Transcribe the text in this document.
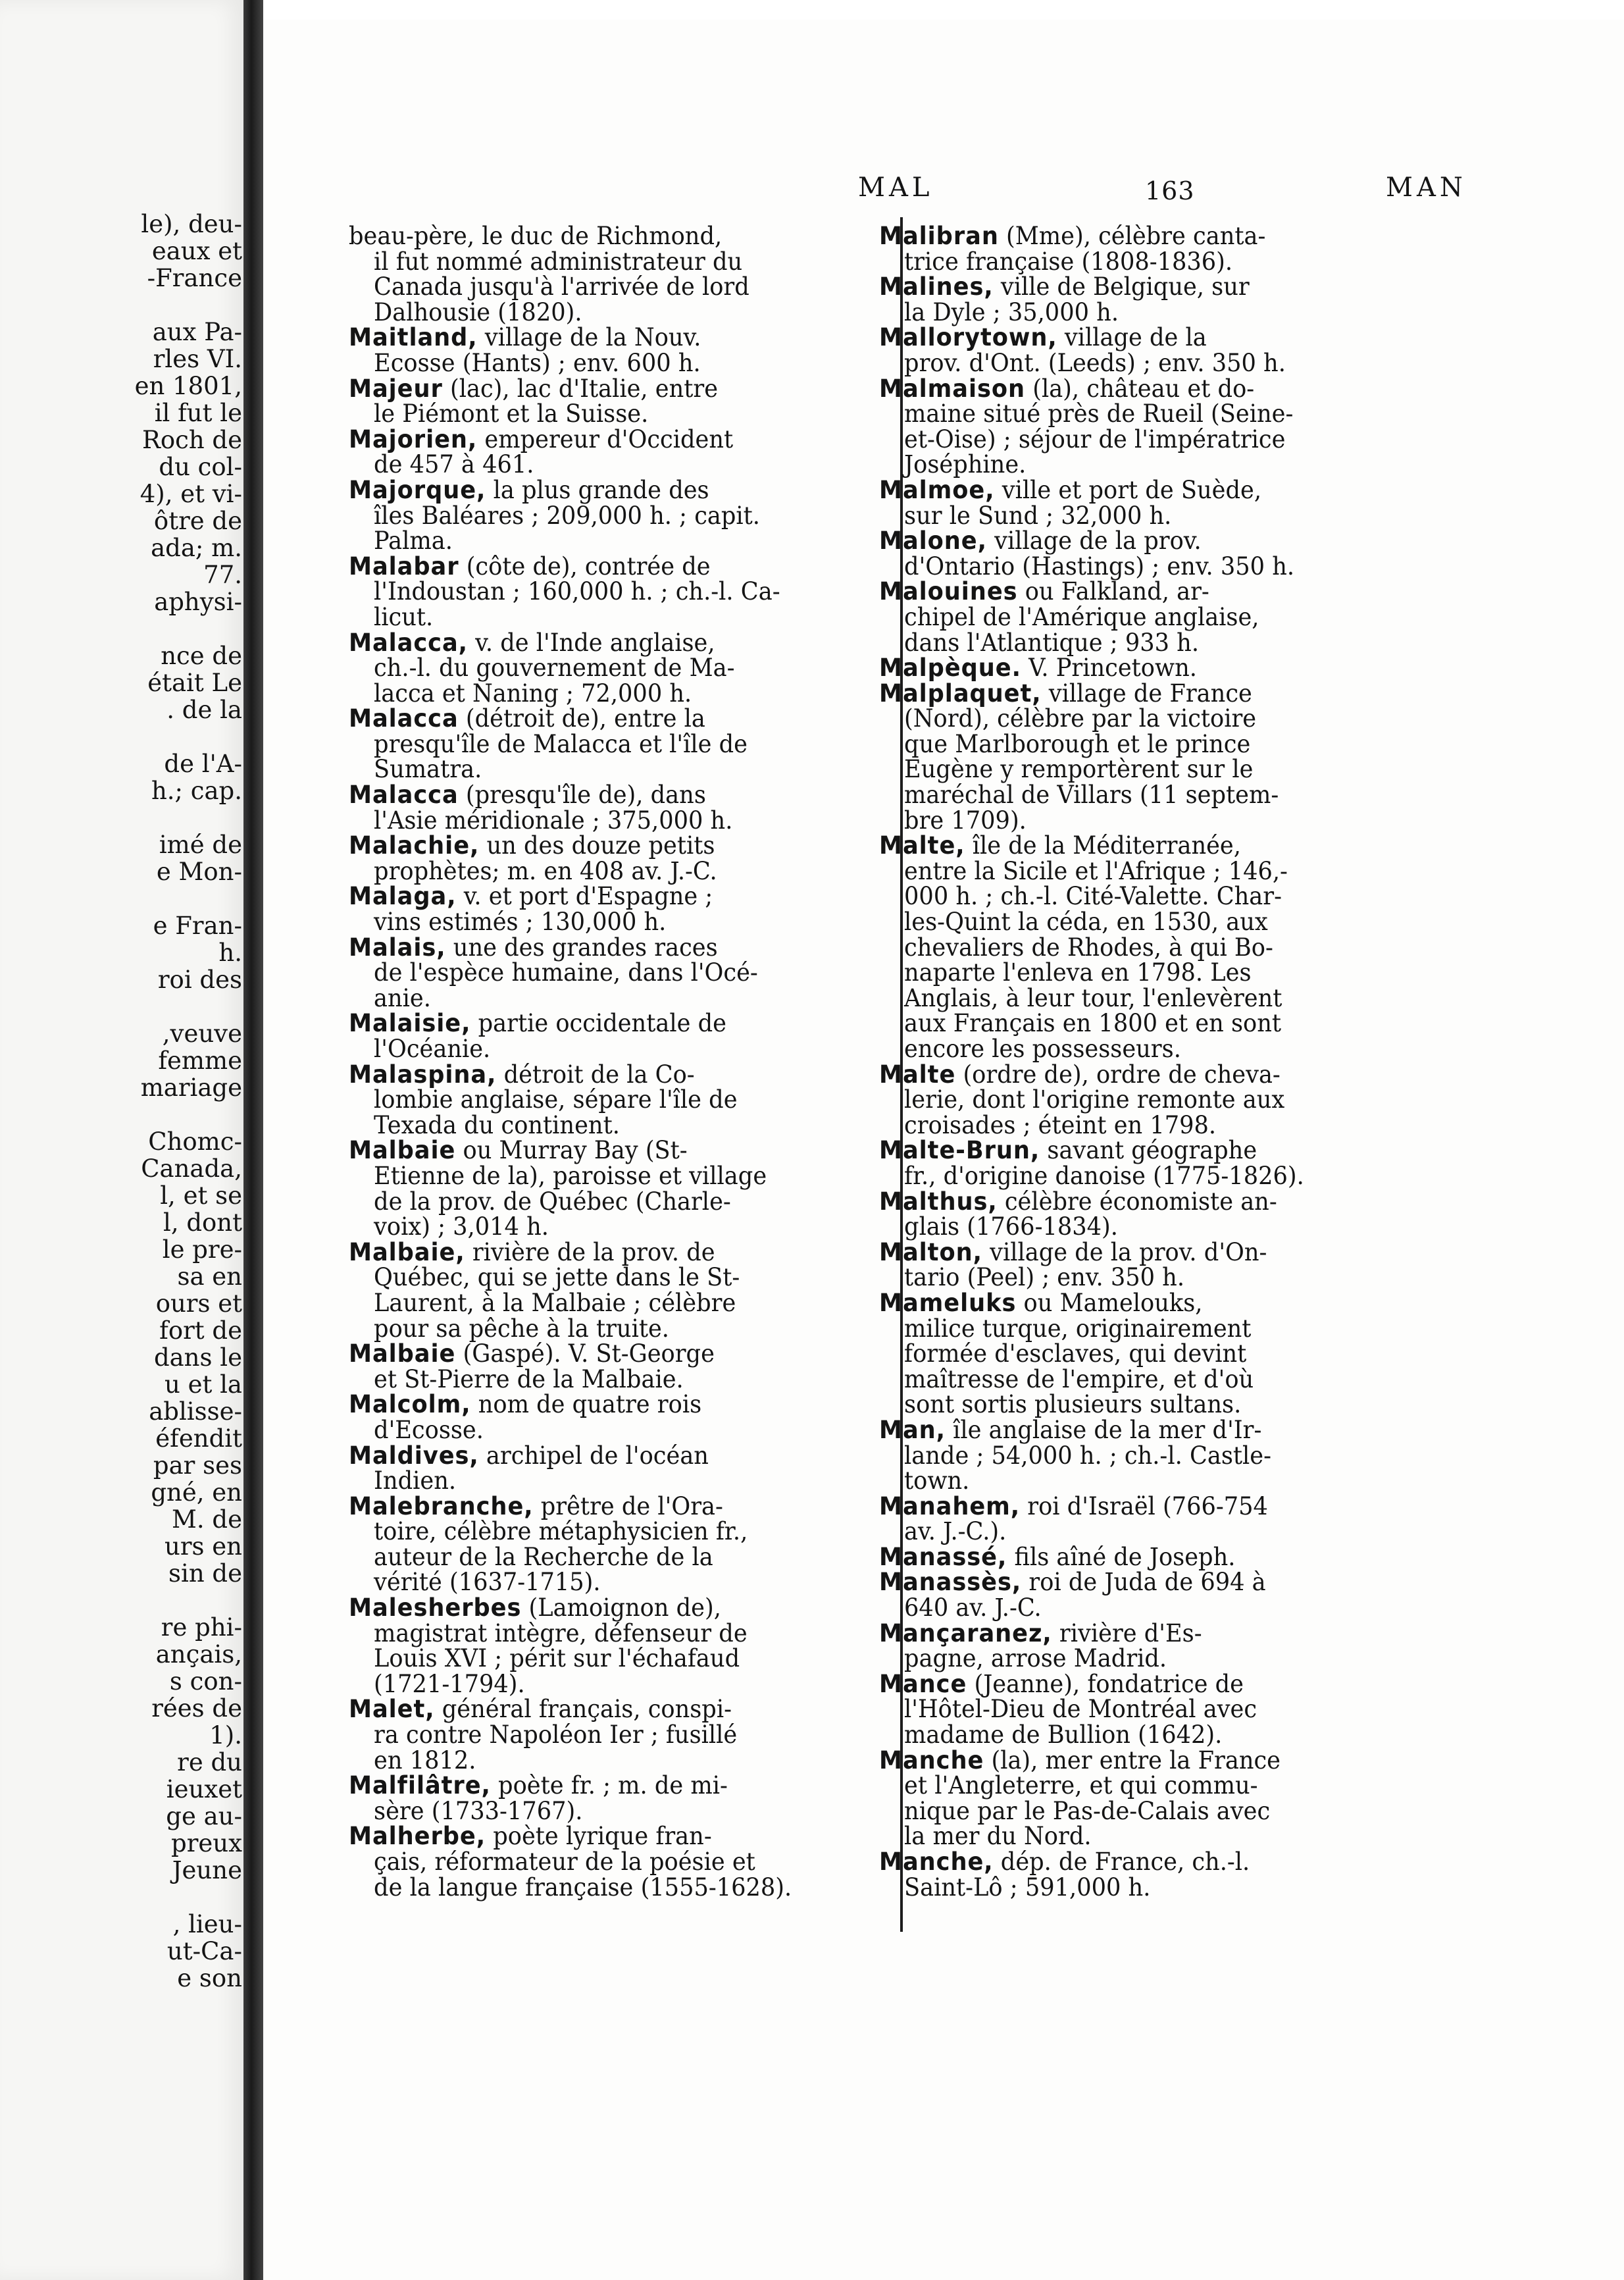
le), deu-
eaux et
-France

aux Pa-
rles VI.
en 1801,
il fut le
Roch de
du col-
4), et vi-
ôtre de
ada; m.
77.
aphysi-

nce de
était Le
. de la

de l'A-
h.; cap.

imé de
e Mon-

e Fran-
h.
roi des

,veuve
femme
mariage

Chomc-
Canada,
l, et se
l, dont
le pre-
sa en
ours et
fort de
dans le
u et la
ablisse-
éfendit
par ses
gné, en
M. de
urs en
sin de

re phi-
ançais,
s con-
rées de
1).
re du
ieuxet
ge au-
preux
Jeune

, lieu-
ut-Ca-
e son
MAL	163	MAN
beau-père, le duc de Richmond,
il fut nommé administrateur du
Canada jusqu'à l'arrivée de lord
Dalhousie (1820).
Maitland, village de la Nouv.
Ecosse (Hants) ; env. 600 h.
Majeur (lac), lac d'Italie, entre
le Piémont et la Suisse.
Majorien, empereur d'Occident
de 457 à 461.
Majorque, la plus grande des
îles Baléares ; 209,000 h. ; capit.
Palma.
Malabar (côte de), contrée de
l'Indoustan ; 160,000 h. ; ch.-l. Ca-
licut.
Malacca, v. de l'Inde anglaise,
ch.-l. du gouvernement de Ma-
lacca et Naning ; 72,000 h.
Malacca (détroit de), entre la
presqu'île de Malacca et l'île de
Sumatra.
Malacca (presqu'île de), dans
l'Asie méridionale ; 375,000 h.
Malachie, un des douze petits
prophètes; m. en 408 av. J.-C.
Malaga, v. et port d'Espagne ;
vins estimés ; 130,000 h.
Malais, une des grandes races
de l'espèce humaine, dans l'Océ-
anie.
Malaisie, partie occidentale de
l'Océanie.
Malaspina, détroit de la Co-
lombie anglaise, sépare l'île de
Texada du continent.
Malbaie ou Murray Bay (St-
Etienne de la), paroisse et village
de la prov. de Québec (Charle-
voix) ; 3,014 h.
Malbaie, rivière de la prov. de
Québec, qui se jette dans le St-
Laurent, à la Malbaie ; célèbre
pour sa pêche à la truite.
Malbaie (Gaspé). V. St-George
et St-Pierre de la Malbaie.
Malcolm, nom de quatre rois
d'Ecosse.
Maldives, archipel de l'océan
Indien.
Malebranche, prêtre de l'Ora-
toire, célèbre métaphysicien fr.,
auteur de la Recherche de la
vérité (1637-1715).
Malesherbes (Lamoignon de),
magistrat intègre, défenseur de
Louis XVI ; périt sur l'échafaud
(1721-1794).
Malet, général français, conspi-
ra contre Napoléon Ier ; fusillé
en 1812.
Malfilâtre, poète fr. ; m. de mi-
sère (1733-1767).
Malherbe, poète lyrique fran-
çais, réformateur de la poésie et
de la langue française (1555-1628).
Malibran (Mme), célèbre canta-
trice française (1808-1836).
Malines, ville de Belgique, sur
la Dyle ; 35,000 h.
Mallorytown, village de la
prov. d'Ont. (Leeds) ; env. 350 h.
Malmaison (la), château et do-
maine situé près de Rueil (Seine-
et-Oise) ; séjour de l'impératrice
Joséphine.
Malmoe, ville et port de Suède,
sur le Sund ; 32,000 h.
Malone, village de la prov.
d'Ontario (Hastings) ; env. 350 h.
Malouines ou Falkland, ar-
chipel de l'Amérique anglaise,
dans l'Atlantique ; 933 h.
Malpèque. V. Princetown.
Malplaquet, village de France
(Nord), célèbre par la victoire
que Marlborough et le prince
Eugène y remportèrent sur le
maréchal de Villars (11 septem-
bre 1709).
Malte, île de la Méditerranée,
entre la Sicile et l'Afrique ; 146,-
000 h. ; ch.-l. Cité-Valette. Char-
les-Quint la céda, en 1530, aux
chevaliers de Rhodes, à qui Bo-
naparte l'enleva en 1798. Les
Anglais, à leur tour, l'enlevèrent
aux Français en 1800 et en sont
encore les possesseurs.
Malte (ordre de), ordre de cheva-
lerie, dont l'origine remonte aux
croisades ; éteint en 1798.
Malte-Brun, savant géographe
fr., d'origine danoise (1775-1826).
Malthus, célèbre économiste an-
glais (1766-1834).
Malton, village de la prov. d'On-
tario (Peel) ; env. 350 h.
Mameluks ou Mamelouks,
milice turque, originairement
formée d'esclaves, qui devint
maîtresse de l'empire, et d'où
sont sortis plusieurs sultans.
Man, île anglaise de la mer d'Ir-
lande ; 54,000 h. ; ch.-l. Castle-
town.
Manahem, roi d'Israël (766-754
av. J.-C.).
Manassé, fils aîné de Joseph.
Manassès, roi de Juda de 694 à
640 av. J.-C.
Mançaranez, rivière d'Es-
pagne, arrose Madrid.
Mance (Jeanne), fondatrice de
l'Hôtel-Dieu de Montréal avec
madame de Bullion (1642).
Manche (la), mer entre la France
et l'Angleterre, et qui commu-
nique par le Pas-de-Calais avec
la mer du Nord.
Manche, dép. de France, ch.-l.
Saint-Lô ; 591,000 h.
